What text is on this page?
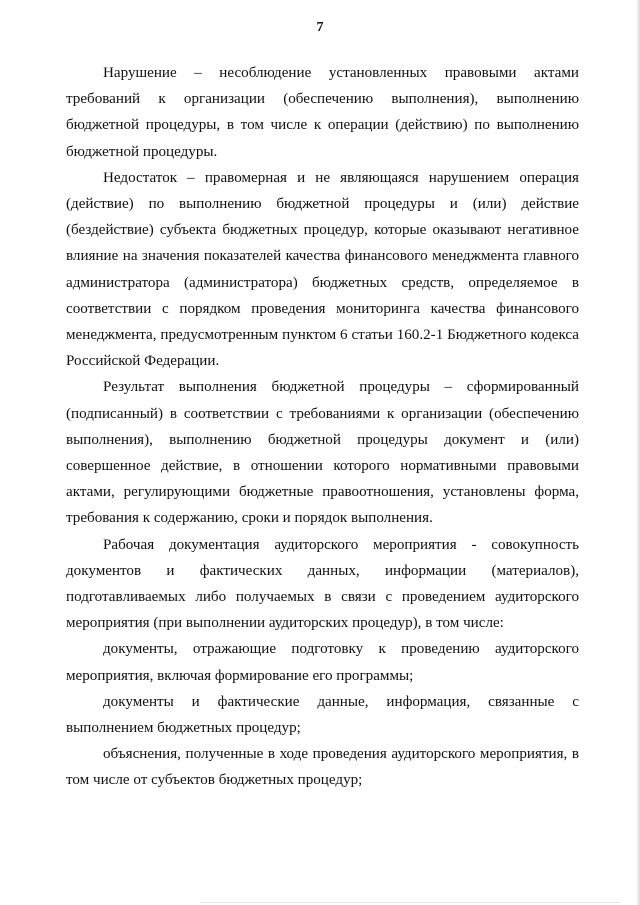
7

Нарушение – несоблюдение установленных правовыми актами требований к организации (обеспечению выполнения), выполнению бюджетной процедуры, в том числе к операции (действию) по выполнению бюджетной процедуры.

Недостаток – правомерная и не являющаяся нарушением операция (действие) по выполнению бюджетной процедуры и (или) действие (бездействие) субъекта бюджетных процедур, которые оказывают негативное влияние на значения показателей качества финансового менеджмента главного администратора (администратора) бюджетных средств, определяемое в соответствии с порядком проведения мониторинга качества финансового менеджмента, предусмотренным пунктом 6 статьи 160.2-1 Бюджетного кодекса Российской Федерации.

Результат выполнения бюджетной процедуры – сформированный (подписанный) в соответствии с требованиями к организации (обеспечению выполнения), выполнению бюджетной процедуры документ и (или) совершенное действие, в отношении которого нормативными правовыми актами, регулирующими бюджетные правоотношения, установлены форма, требования к содержанию, сроки и порядок выполнения.

Рабочая документация аудиторского мероприятия - совокупность документов и фактических данных, информации (материалов), подготавливаемых либо получаемых в связи с проведением аудиторского мероприятия (при выполнении аудиторских процедур), в том числе:

документы, отражающие подготовку к проведению аудиторского мероприятия, включая формирование его программы;

документы и фактические данные, информация, связанные с выполнением бюджетных процедур;

объяснения, полученные в ходе проведения аудиторского мероприятия, в том числе от субъектов бюджетных процедур;
